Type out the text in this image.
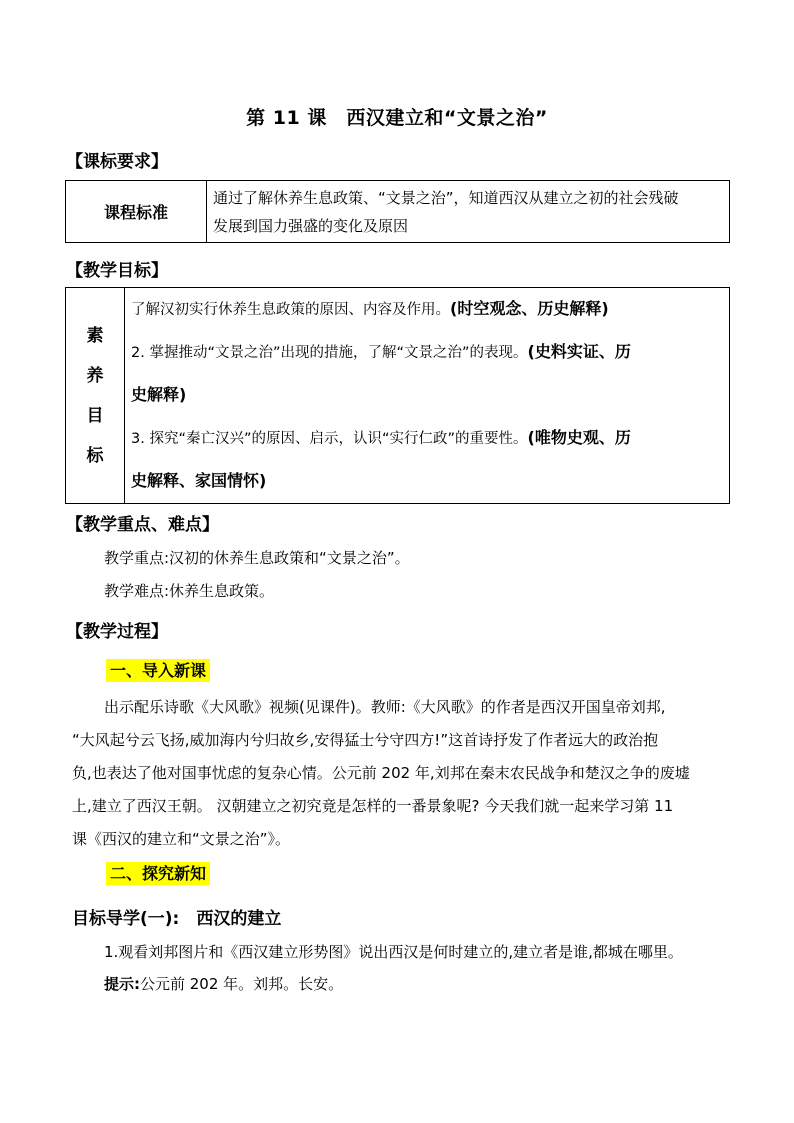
第 11 课　西汉建立和“文景之治”
【课标要求】
课程标准	
通过了解休养生息政策、“文景之治”，知道西汉从建立之初的社会残破
发展到国力强盛的变化及原因
【教学目标】
素
养
目
标

了解汉初实行休养生息政策的原因、内容及作用。(时空观念、历史解释)
2. 掌握推动“文景之治”出现的措施，了解“文景之治”的表现。(史料实证、历
史解释)
3. 探究“秦亡汉兴”的原因、启示，认识“实行仁政”的重要性。(唯物史观、历
史解释、家国情怀)
【教学重点、难点】
教学重点:汉初的休养生息政策和“文景之治”。
教学难点:休养生息政策。
【教学过程】
一、导入新课
出示配乐诗歌《大风歌》视频(见课件)。教师:《大风歌》的作者是西汉开国皇帝刘邦,
“大风起兮云飞扬,威加海内兮归故乡,安得猛士兮守四方!”这首诗抒发了作者远大的政治抱
负,也表达了他对国事忧虑的复杂心情。公元前 202 年,刘邦在秦末农民战争和楚汉之争的废墟
上,建立了西汉王朝。 汉朝建立之初究竟是怎样的一番景象呢? 今天我们就一起来学习第 11
课《西汉的建立和“文景之治”》。
二、探究新知
目标导学(一):　西汉的建立
1.观看刘邦图片和《西汉建立形势图》说出西汉是何时建立的,建立者是谁,都城在哪里。
提示:公元前 202 年。刘邦。长安。
